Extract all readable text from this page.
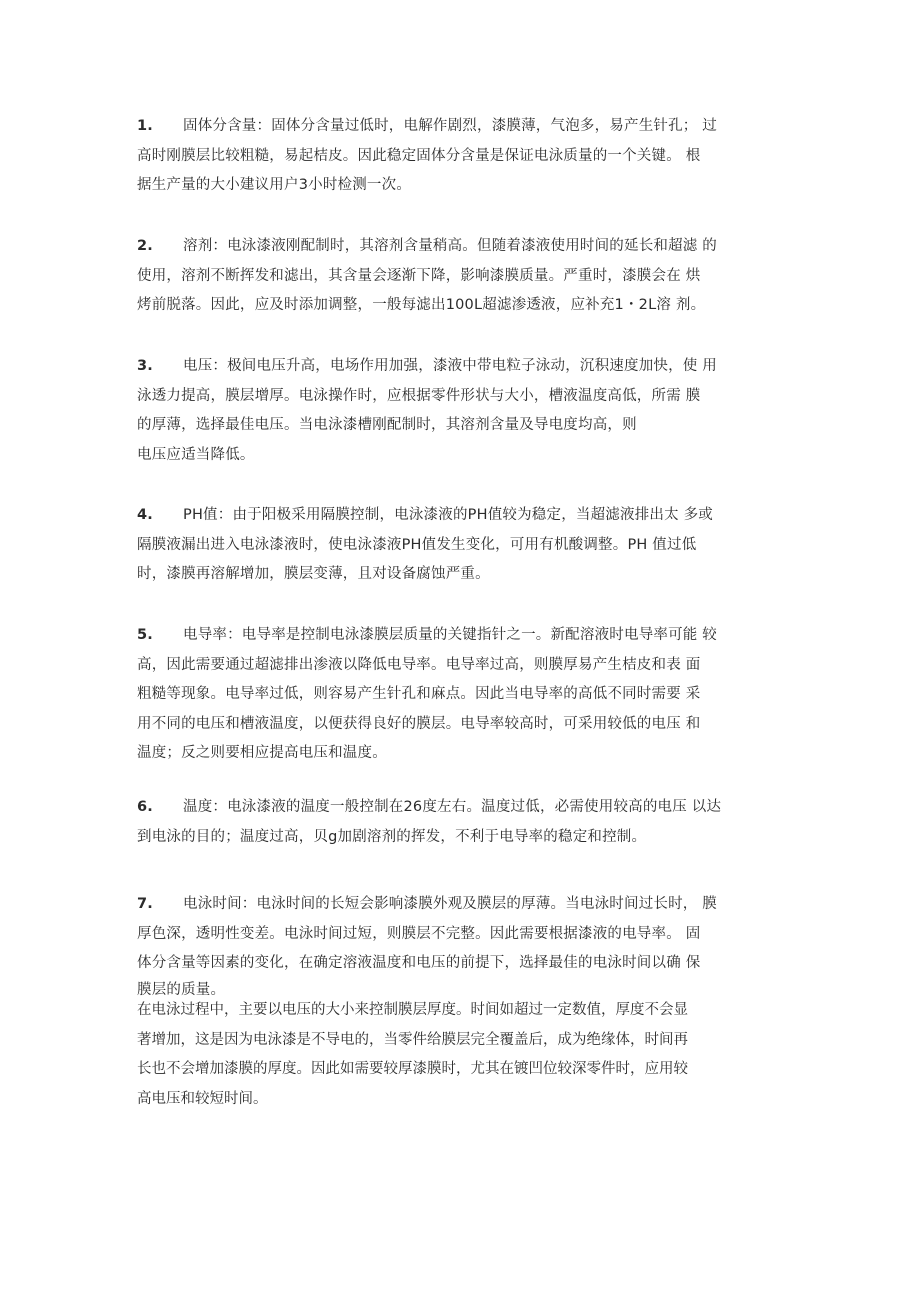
1. 固体分含量：固体分含量过低时，电解作剧烈，漆膜薄，气泡多，易产生针孔； 过
高时刚膜层比较粗糙，易起桔皮。因此稳定固体分含量是保证电泳质量的一个关键。 根
据生产量的大小建议用户3小时检测一次。
2. 溶剂：电泳漆液刚配制时，其溶剂含量稍高。但随着漆液使用时间的延长和超滤 的
使用，溶剂不断挥发和滤出，其含量会逐渐下降，影响漆膜质量。严重时，漆膜会在 烘
烤前脱落。因此，应及时添加调整，一般每滤出100L超滤渗透液，应补充1・2L溶 剂。
3. 电压：极间电压升高，电场作用加强，漆液中带电粒子泳动，沉积速度加快，使 用
泳透力提高，膜层增厚。电泳操作时，应根据零件形状与大小，槽液温度高低，所需 膜
的厚薄，选择最佳电压。当电泳漆槽刚配制时，其溶剂含量及导电度均高，则
电压应适当降低。
4. PH值：由于阳极采用隔膜控制，电泳漆液的PH值较为稳定，当超滤液排出太 多或
隔膜液漏出进入电泳漆液时，使电泳漆液PH值发生变化，可用有机酸调整。PH 值过低
时，漆膜再溶解增加，膜层变薄，且对设备腐蚀严重。
5. 电导率：电导率是控制电泳漆膜层质量的关键指针之一。新配溶液时电导率可能 较
高，因此需要通过超滤排出渗液以降低电导率。电导率过高，则膜厚易产生桔皮和表 面
粗糙等现象。电导率过低，则容易产生针孔和麻点。因此当电导率的高低不同时需要 采
用不同的电压和槽液温度，以便获得良好的膜层。电导率较高时，可采用较低的电压 和
温度；反之则要相应提高电压和温度。
6. 温度：电泳漆液的温度一般控制在26度左右。温度过低，必需使用较高的电压 以达
到电泳的目的；温度过高，贝g加剧溶剂的挥发，不利于电导率的稳定和控制。
7. 电泳时间：电泳时间的长短会影响漆膜外观及膜层的厚薄。当电泳时间过长时， 膜
厚色深，透明性变差。电泳时间过短，则膜层不完整。因此需要根据漆液的电导率。 固
体分含量等因素的变化，在确定溶液温度和电压的前提下，选择最佳的电泳时间以确 保
膜层的质量。
在电泳过程中，主要以电压的大小来控制膜层厚度。时间如超过一定数值，厚度不会显
著增加，这是因为电泳漆是不导电的，当零件给膜层完全覆盖后，成为绝缘体，时间再
长也不会增加漆膜的厚度。因此如需要较厚漆膜时，尤其在镀凹位较深零件时，应用较
高电压和较短时间。
